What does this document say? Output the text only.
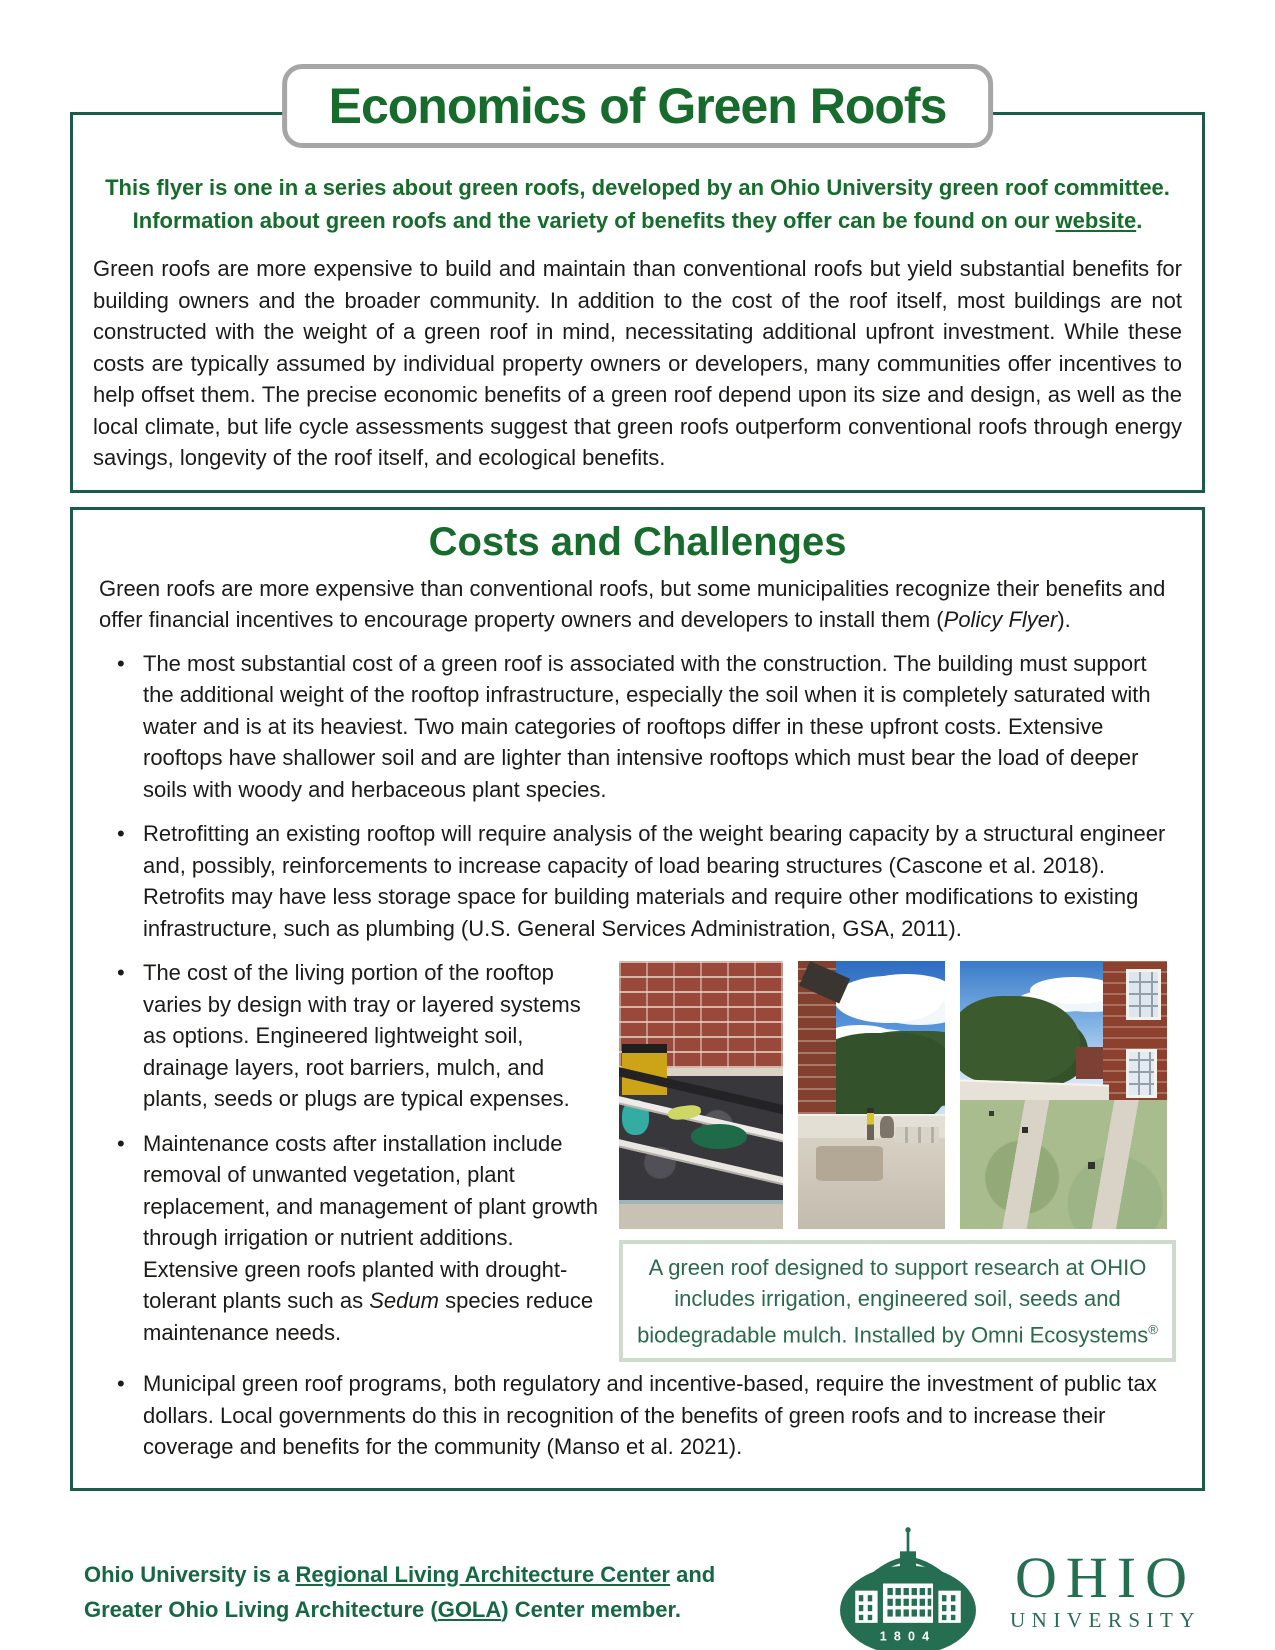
Economics of Green Roofs
This flyer is one in a series about green roofs, developed by an Ohio University green roof committee.
Information about green roofs and the variety of benefits they offer can be found on our website.

Green roofs are more expensive to build and maintain than conventional roofs but yield substantial benefits for building owners and the broader community. In addition to the cost of the roof itself, most buildings are not constructed with the weight of a green roof in mind, necessitating additional upfront investment. While these costs are typically assumed by individual property owners or developers, many communities offer incentives to help offset them. The precise economic benefits of a green roof depend upon its size and design, as well as the local climate, but life cycle assessments suggest that green roofs outperform conventional roofs through energy savings, longevity of the roof itself, and ecological benefits.

Costs and Challenges

Green roofs are more expensive than conventional roofs, but some municipalities recognize their benefits and offer financial incentives to encourage property owners and developers to install them (Policy Flyer).

• The most substantial cost of a green roof is associated with the construction. The building must support the additional weight of the rooftop infrastructure, especially the soil when it is completely saturated with water and is at its heaviest. Two main categories of rooftops differ in these upfront costs. Extensive rooftops have shallower soil and are lighter than intensive rooftops which must bear the load of deeper soils with woody and herbaceous plant species.
• Retrofitting an existing rooftop will require analysis of the weight bearing capacity by a structural engineer and, possibly, reinforcements to increase capacity of load bearing structures (Cascone et al. 2018). Retrofits may have less storage space for building materials and require other modifications to existing infrastructure, such as plumbing (U.S. General Services Administration, GSA, 2011).
A green roof designed to support research at OHIO
includes irrigation, engineered soil, seeds and
biodegradable mulch. Installed by Omni Ecosystems®
• The cost of the living portion of the rooftop varies by design with tray or layered systems as options. Engineered lightweight soil, drainage layers, root barriers, mulch, and plants, seeds or plugs are typical expenses.
• Maintenance costs after installation include removal of unwanted vegetation, plant replacement, and management of plant growth through irrigation or nutrient additions. Extensive green roofs planted with drought-tolerant plants such as Sedum species reduce maintenance needs.
• Municipal green roof programs, both regulatory and incentive-based, require the investment of public tax dollars. Local governments do this in recognition of the benefits of green roofs and to increase their coverage and benefits for the community (Manso et al. 2021).
Ohio University is a Regional Living Architecture Center and
Greater Ohio Living Architecture (GOLA) Center member.
1804
OHIO
UNIVERSITY
